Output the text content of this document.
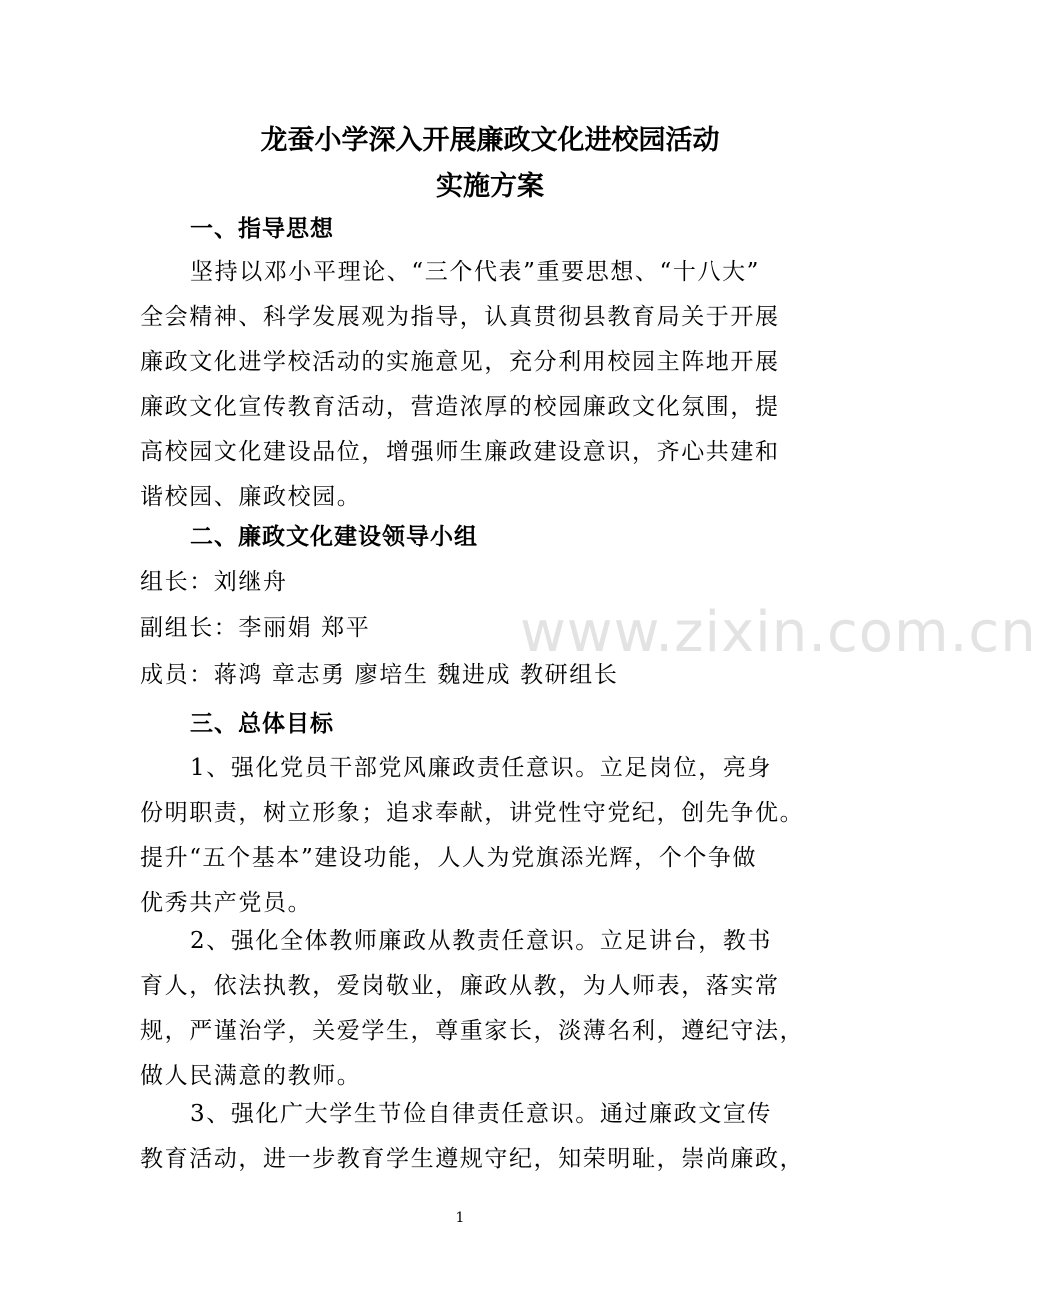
龙蚕小学深入开展廉政文化进校园活动
实施方案
一、指导思想
坚持以邓小平理论、“三个代表”重要思想、“十八大”
全会精神、科学发展观为指导，认真贯彻县教育局关于开展
廉政文化进学校活动的实施意见，充分利用校园主阵地开展
廉政文化宣传教育活动，营造浓厚的校园廉政文化氛围，提
高校园文化建设品位，增强师生廉政建设意识，齐心共建和
谐校园、廉政校园。
二、廉政文化建设领导小组
组长：刘继舟
副组长：李丽娟 郑平
成员：蒋鸿 章志勇 廖培生 魏进成 教研组长
三、总体目标
1、强化党员干部党风廉政责任意识。立足岗位，亮身
份明职责，树立形象；追求奉献，讲党性守党纪，创先争优。
提升“五个基本”建设功能，人人为党旗添光辉，个个争做
优秀共产党员。
2、强化全体教师廉政从教责任意识。立足讲台，教书
育人，依法执教，爱岗敬业，廉政从教，为人师表，落实常
规，严谨治学，关爱学生，尊重家长，淡薄名利，遵纪守法，
做人民满意的教师。
3、强化广大学生节俭自律责任意识。通过廉政文宣传
教育活动，进一步教育学生遵规守纪，知荣明耻，崇尚廉政，
www.zixin.com.cn
1
